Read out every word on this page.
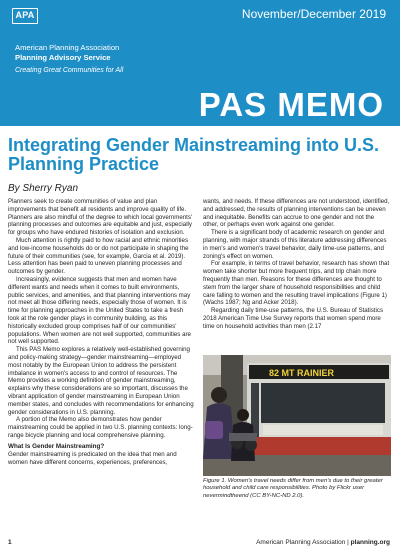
APA	November/December 2019
American Planning Association
Planning Advisory Service
Creating Great Communities for All
PAS MEMO
Integrating Gender Mainstreaming into U.S. Planning Practice
By Sherry Ryan

Planners seek to create communities of value and plan improvements that benefit all residents and improve quality of life. Planners are also mindful of the degree to which local governments' planning processes and outcomes are equitable and just, especially for groups who have endured histories of isolation and exclusion.

Much attention is rightly paid to how racial and ethnic minorities and low-income households do or do not participate in shaping the future of their communities (see, for example, Garcia et al. 2019). Less attention has been paid to uneven planning processes and outcomes by gender.

Increasingly, evidence suggests that men and women have different wants and needs when it comes to built environments, public services, and amenities, and that planning interventions may not meet all those differing needs, especially those of women. It is time for planning approaches in the United States to take a fresh look at the role gender plays in community building, as this historically excluded group comprises half of our communities' populations. When women are not well supported, communities are not well supported.

This PAS Memo explores a relatively well-established governing and policy-making strategy—gender mainstreaming—employed most notably by the European Union to address the persistent imbalance in women's access to and control of resources. The Memo provides a working definition of gender mainstreaming, explains why these considerations are so important, discusses the vibrant application of gender mainstreaming in European Union member states, and concludes with recommendations for enhancing gender considerations in U.S. planning.

A portion of the Memo also demonstrates how gender mainstreaming could be applied in two U.S. planning contexts: long-range bicycle planning and local comprehensive planning.

What Is Gender Mainstreaming?

Gender mainstreaming is predicated on the idea that men and women have different concerns, experiences, preferences,

wants, and needs. If these differences are not understood, identified, and addressed, the results of planning interventions can be uneven and inequitable. Benefits can accrue to one gender and not the other, or perhaps even work against one gender.

There is a significant body of academic research on gender and planning, with major strands of this literature addressing differences in men's and women's travel behavior, daily time-use patterns, and zoning's effect on women.

For example, in terms of travel behavior, research has shown that women take shorter but more frequent trips, and trip chain more frequently than men. Reasons for these differences are thought to stem from the larger share of household responsibilities and child care falling to women and the resulting travel implications (Figure 1) (Wachs 1987; Ng and Acker 2018).

Regarding daily time-use patterns, the U.S. Bureau of Statistics 2018 American Time Use Survey reports that women spend more time on household activities than men (2.17

82 MT RAINIER

Figure 1. Women's travel needs differ from men's due to their greater household and child care responsibilities. Photo by Flickr user nevermindtheend (CC BY-NC-ND 2.0).

1	American Planning Association | planning.org
